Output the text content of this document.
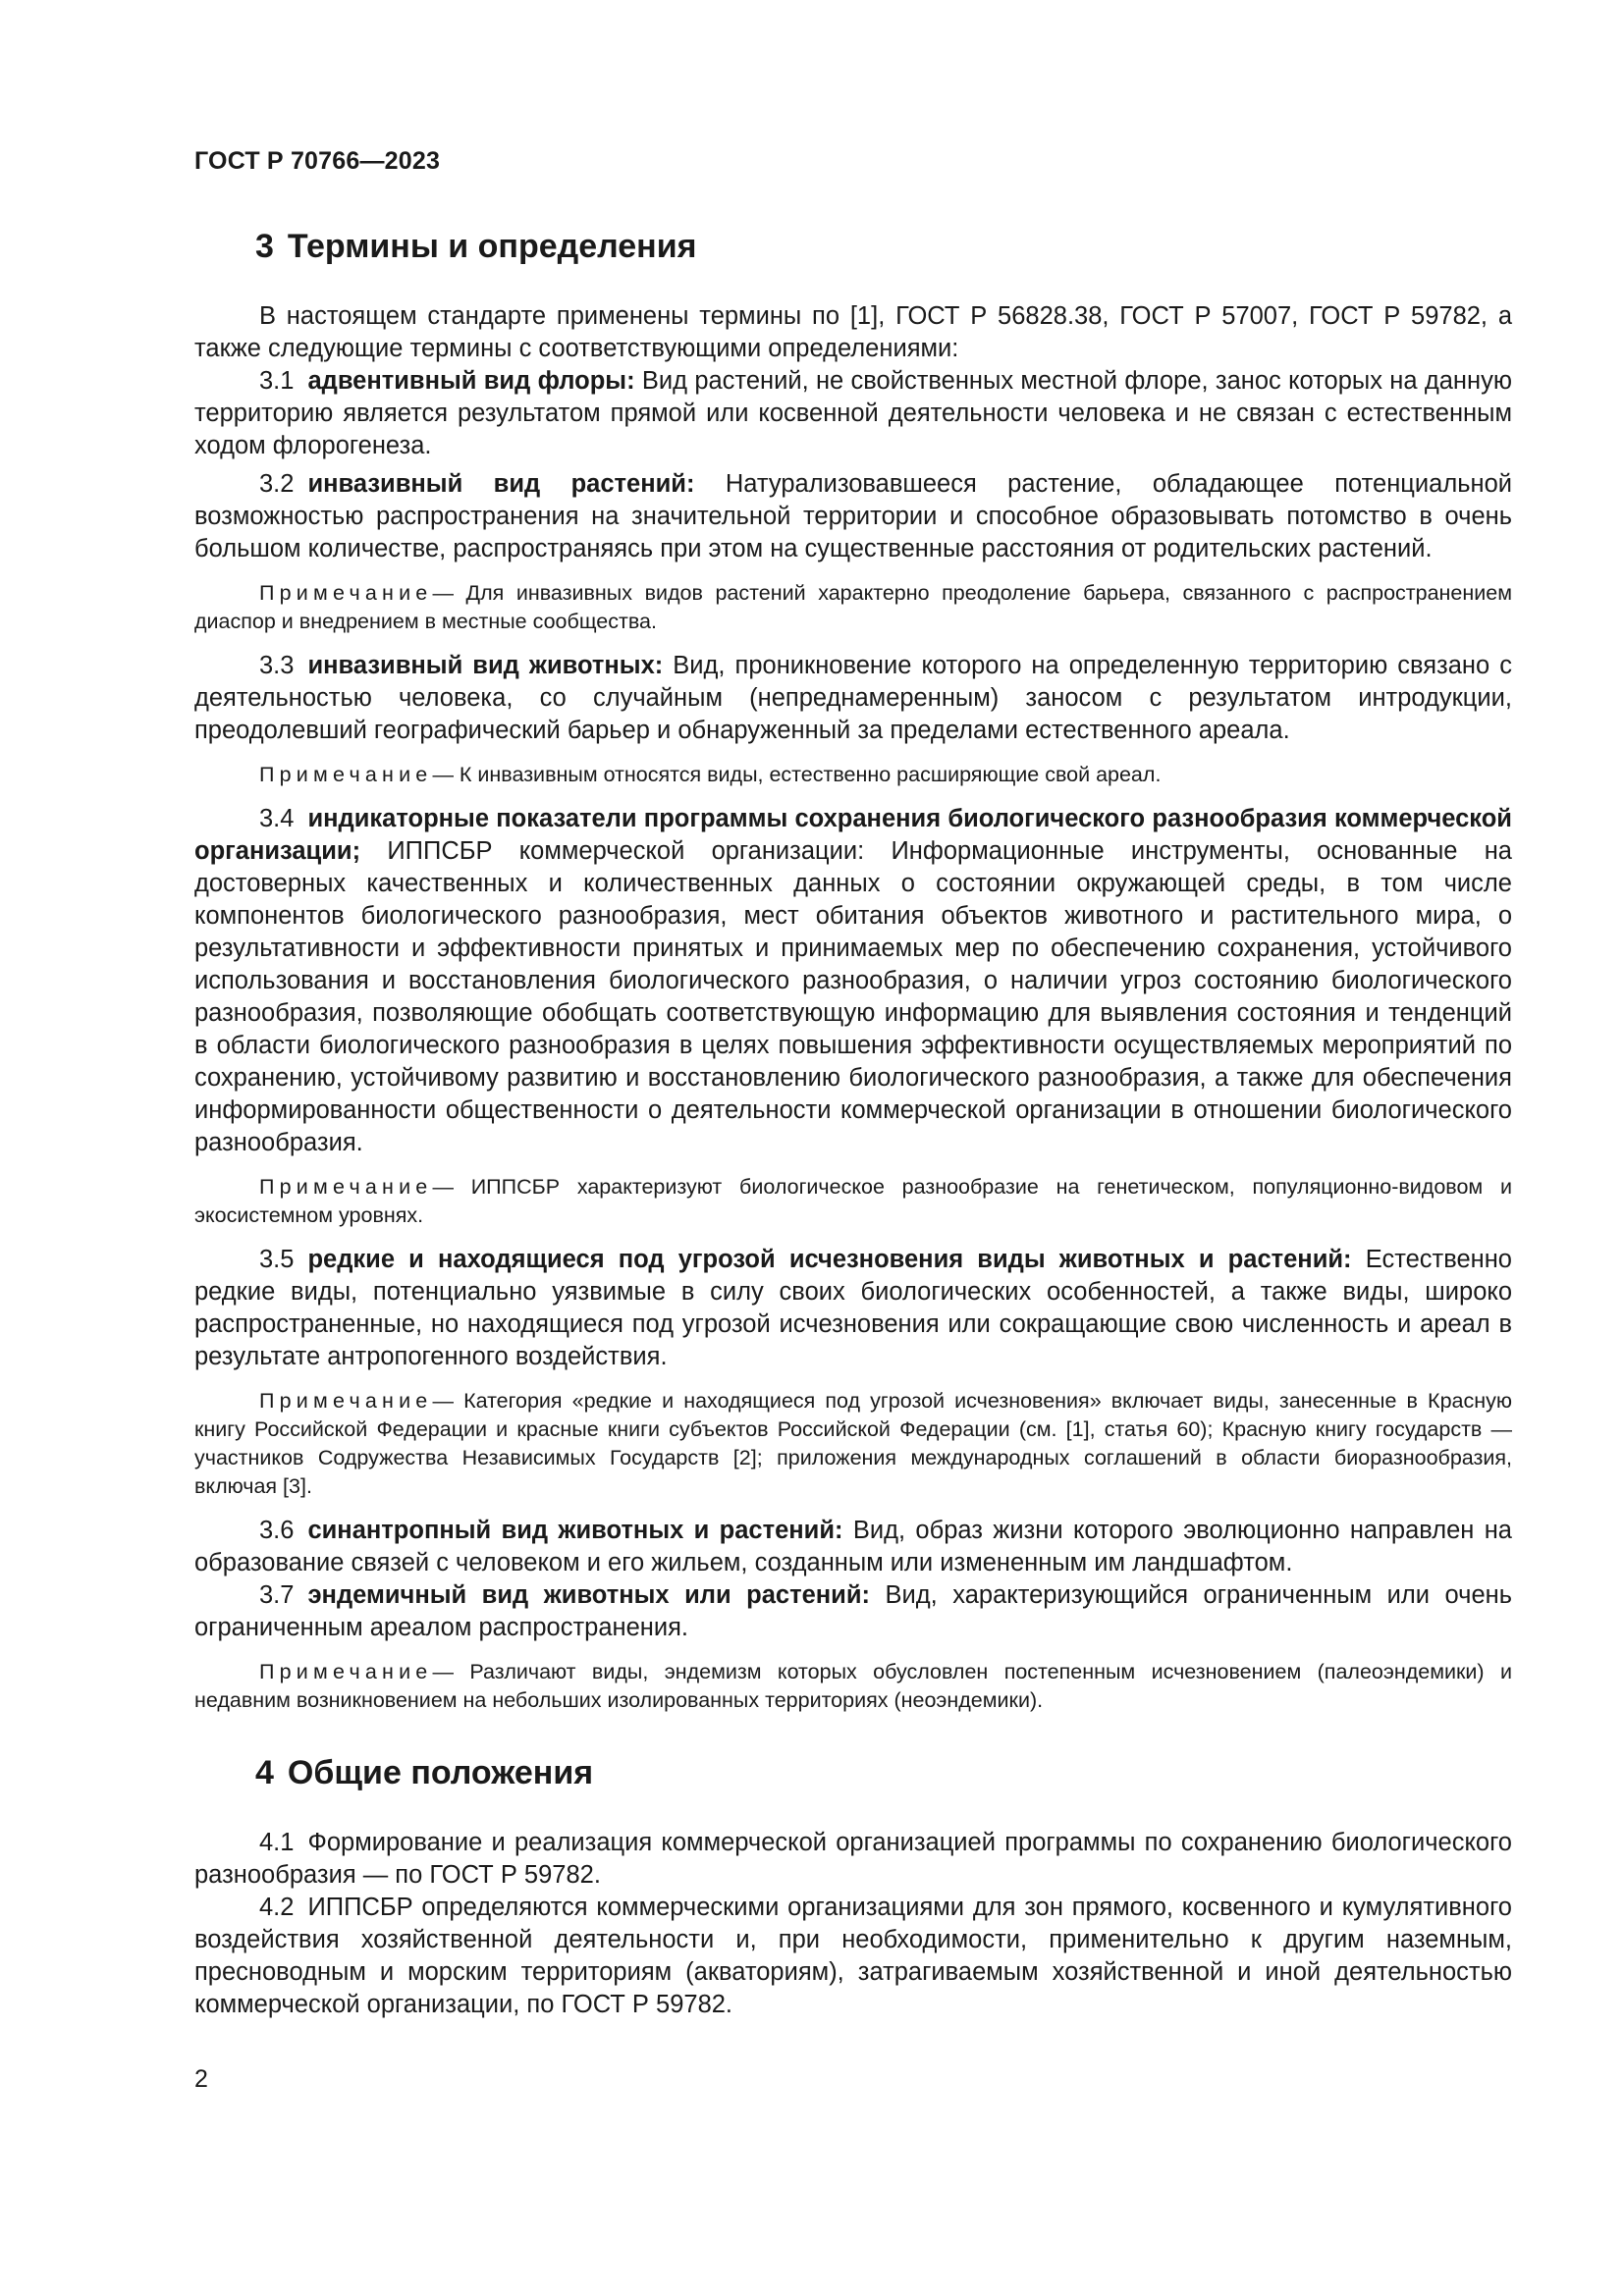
ГОСТ Р 70766—2023
3 Термины и определения

В настоящем стандарте применены термины по [1], ГОСТ Р 56828.38, ГОСТ Р 57007, ГОСТ Р 59782, а также следующие термины с соответствующими определениями:

3.1 адвентивный вид флоры: Вид растений, не свойственных местной флоре, занос которых на данную территорию является результатом прямой или косвенной деятельности человека и не связан с естественным ходом флорогенеза.

3.2 инвазивный вид растений: Натурализовавшееся растение, обладающее потенциальной возможностью распространения на значительной территории и способное образовывать потомство в очень большом количестве, распространяясь при этом на существенные расстояния от родительских растений.

Примечание— Для инвазивных видов растений характерно преодоление барьера, связанного с распространением диаспор и внедрением в местные сообщества.

3.3 инвазивный вид животных: Вид, проникновение которого на определенную территорию связано с деятельностью человека, со случайным (непреднамеренным) заносом с результатом интродукции, преодолевший географический барьер и обнаруженный за пределами естественного ареала.

Примечание— К инвазивным относятся виды, естественно расширяющие свой ареал.

3.4 индикаторные показатели программы сохранения биологического разнообразия коммерческой организации; ИППСБР коммерческой организации: Информационные инструменты, основанные на достоверных качественных и количественных данных о состоянии окружающей среды, в том числе компонентов биологического разнообразия, мест обитания объектов животного и растительного мира, о результативности и эффективности принятых и принимаемых мер по обеспечению сохранения, устойчивого использования и восстановления биологического разнообразия, о наличии угроз состоянию биологического разнообразия, позволяющие обобщать соответствующую информацию для выявления состояния и тенденций в области биологического разнообразия в целях повышения эффективности осуществляемых мероприятий по сохранению, устойчивому развитию и восстановлению биологического разнообразия, а также для обеспечения информированности общественности о деятельности коммерческой организации в отношении биологического разнообразия.

Примечание— ИППСБР характеризуют биологическое разнообразие на генетическом, популяционно-видовом и экосистемном уровнях.

3.5 редкие и находящиеся под угрозой исчезновения виды животных и растений: Естественно редкие виды, потенциально уязвимые в силу своих биологических особенностей, а также виды, широко распространенные, но находящиеся под угрозой исчезновения или сокращающие свою численность и ареал в результате антропогенного воздействия.

Примечание— Категория «редкие и находящиеся под угрозой исчезновения» включает виды, занесенные в Красную книгу Российской Федерации и красные книги субъектов Российской Федерации (см. [1], статья 60); Красную книгу государств — участников Содружества Независимых Государств [2]; приложения международных соглашений в области биоразнообразия, включая [3].

3.6 синантропный вид животных и растений: Вид, образ жизни которого эволюционно направлен на образование связей с человеком и его жильем, созданным или измененным им ландшафтом.

3.7 эндемичный вид животных или растений: Вид, характеризующийся ограниченным или очень ограниченным ареалом распространения.

Примечание— Различают виды, эндемизм которых обусловлен постепенным исчезновением (палеоэндемики) и недавним возникновением на небольших изолированных территориях (неоэндемики).

4 Общие положения

4.1 Формирование и реализация коммерческой организацией программы по сохранению биологического разнообразия — по ГОСТ Р 59782.

4.2 ИППСБР определяются коммерческими организациями для зон прямого, косвенного и кумулятивного воздействия хозяйственной деятельности и, при необходимости, применительно к другим наземным, пресноводным и морским территориям (акваториям), затрагиваемым хозяйственной и иной деятельностью коммерческой организации, по ГОСТ Р 59782.

2
